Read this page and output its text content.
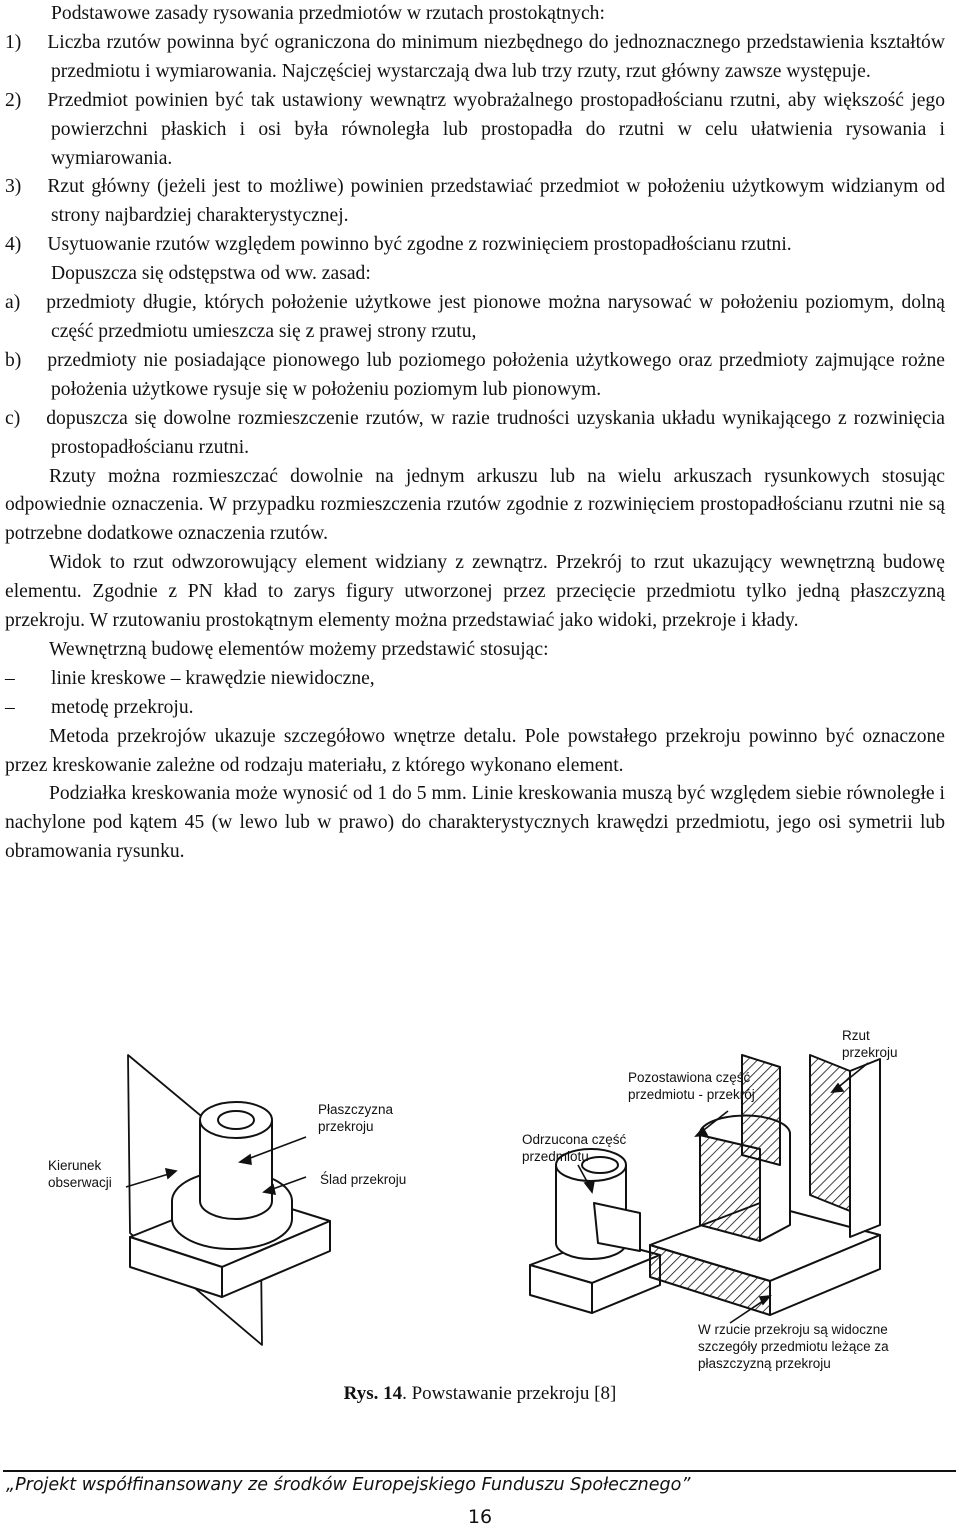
Podstawowe zasady rysowania przedmiotów w rzutach prostokątnych:

1) Liczba rzutów powinna być ograniczona do minimum niezbędnego do jednoznacznego przedstawienia kształtów przedmiotu i wymiarowania. Najczęściej wystarczają dwa lub trzy rzuty, rzut główny zawsze występuje.

2) Przedmiot powinien być tak ustawiony wewnątrz wyobrażalnego prostopadłościanu rzutni, aby większość jego powierzchni płaskich i osi była równoległa lub prostopadła do rzutni w celu ułatwienia rysowania i wymiarowania.

3) Rzut główny (jeżeli jest to możliwe) powinien przedstawiać przedmiot w położeniu użytkowym widzianym od strony najbardziej charakterystycznej.

4) Usytuowanie rzutów względem powinno być zgodne z rozwinięciem prostopadłościanu rzutni.

Dopuszcza się odstępstwa od ww. zasad:

a) przedmioty długie, których położenie użytkowe jest pionowe można narysować w położeniu poziomym, dolną część przedmiotu umieszcza się z prawej strony rzutu,

b) przedmioty nie posiadające pionowego lub poziomego położenia użytkowego oraz przedmioty zajmujące rożne położenia użytkowe rysuje się w położeniu poziomym lub pionowym.

c) dopuszcza się dowolne rozmieszczenie rzutów, w razie trudności uzyskania układu wynikającego z rozwinięcia prostopadłościanu rzutni.

Rzuty można rozmieszczać dowolnie na jednym arkuszu lub na wielu arkuszach rysunkowych stosując odpowiednie oznaczenia. W przypadku rozmieszczenia rzutów zgodnie z rozwinięciem prostopadłościanu rzutni nie są potrzebne dodatkowe oznaczenia rzutów.

Widok to rzut odwzorowujący element widziany z zewnątrz. Przekrój to rzut ukazujący wewnętrzną budowę elementu. Zgodnie z PN kład to zarys figury utworzonej przez przecięcie przedmiotu tylko jedną płaszczyzną przekroju. W rzutowaniu prostokątnym elementy można przedstawiać jako widoki, przekroje i kłady.

Wewnętrzną budowę elementów możemy przedstawić stosując:

–	linie kreskowe – krawędzie niewidoczne,

–	metodę przekroju.

Metoda przekrojów ukazuje szczegółowo wnętrze detalu. Pole powstałego przekroju powinno być oznaczone przez kreskowanie zależne od rodzaju materiału, z którego wykonano element.

Podziałka kreskowania może wynosić od 1 do 5 mm. Linie kreskowania muszą być względem siebie równoległe i nachylone pod kątem 45 (w lewo lub w prawo) do charakterystycznych krawędzi przedmiotu, jego osi symetrii lub obramowania rysunku.

Kierunek
obserwacji
Płaszczyzna
przekroju
Ślad przekroju
Odrzucona część
przedmiotu
Pozostawiona część
przedmiotu - przekrój
Rzut
przekroju
W rzucie przekroju są widoczne
szczegóły przedmiotu leżące za
płaszczyzną przekroju
Rys. 14. Powstawanie przekroju [8]
„Projekt współfinansowany ze środków Europejskiego Funduszu Społecznego”
16
